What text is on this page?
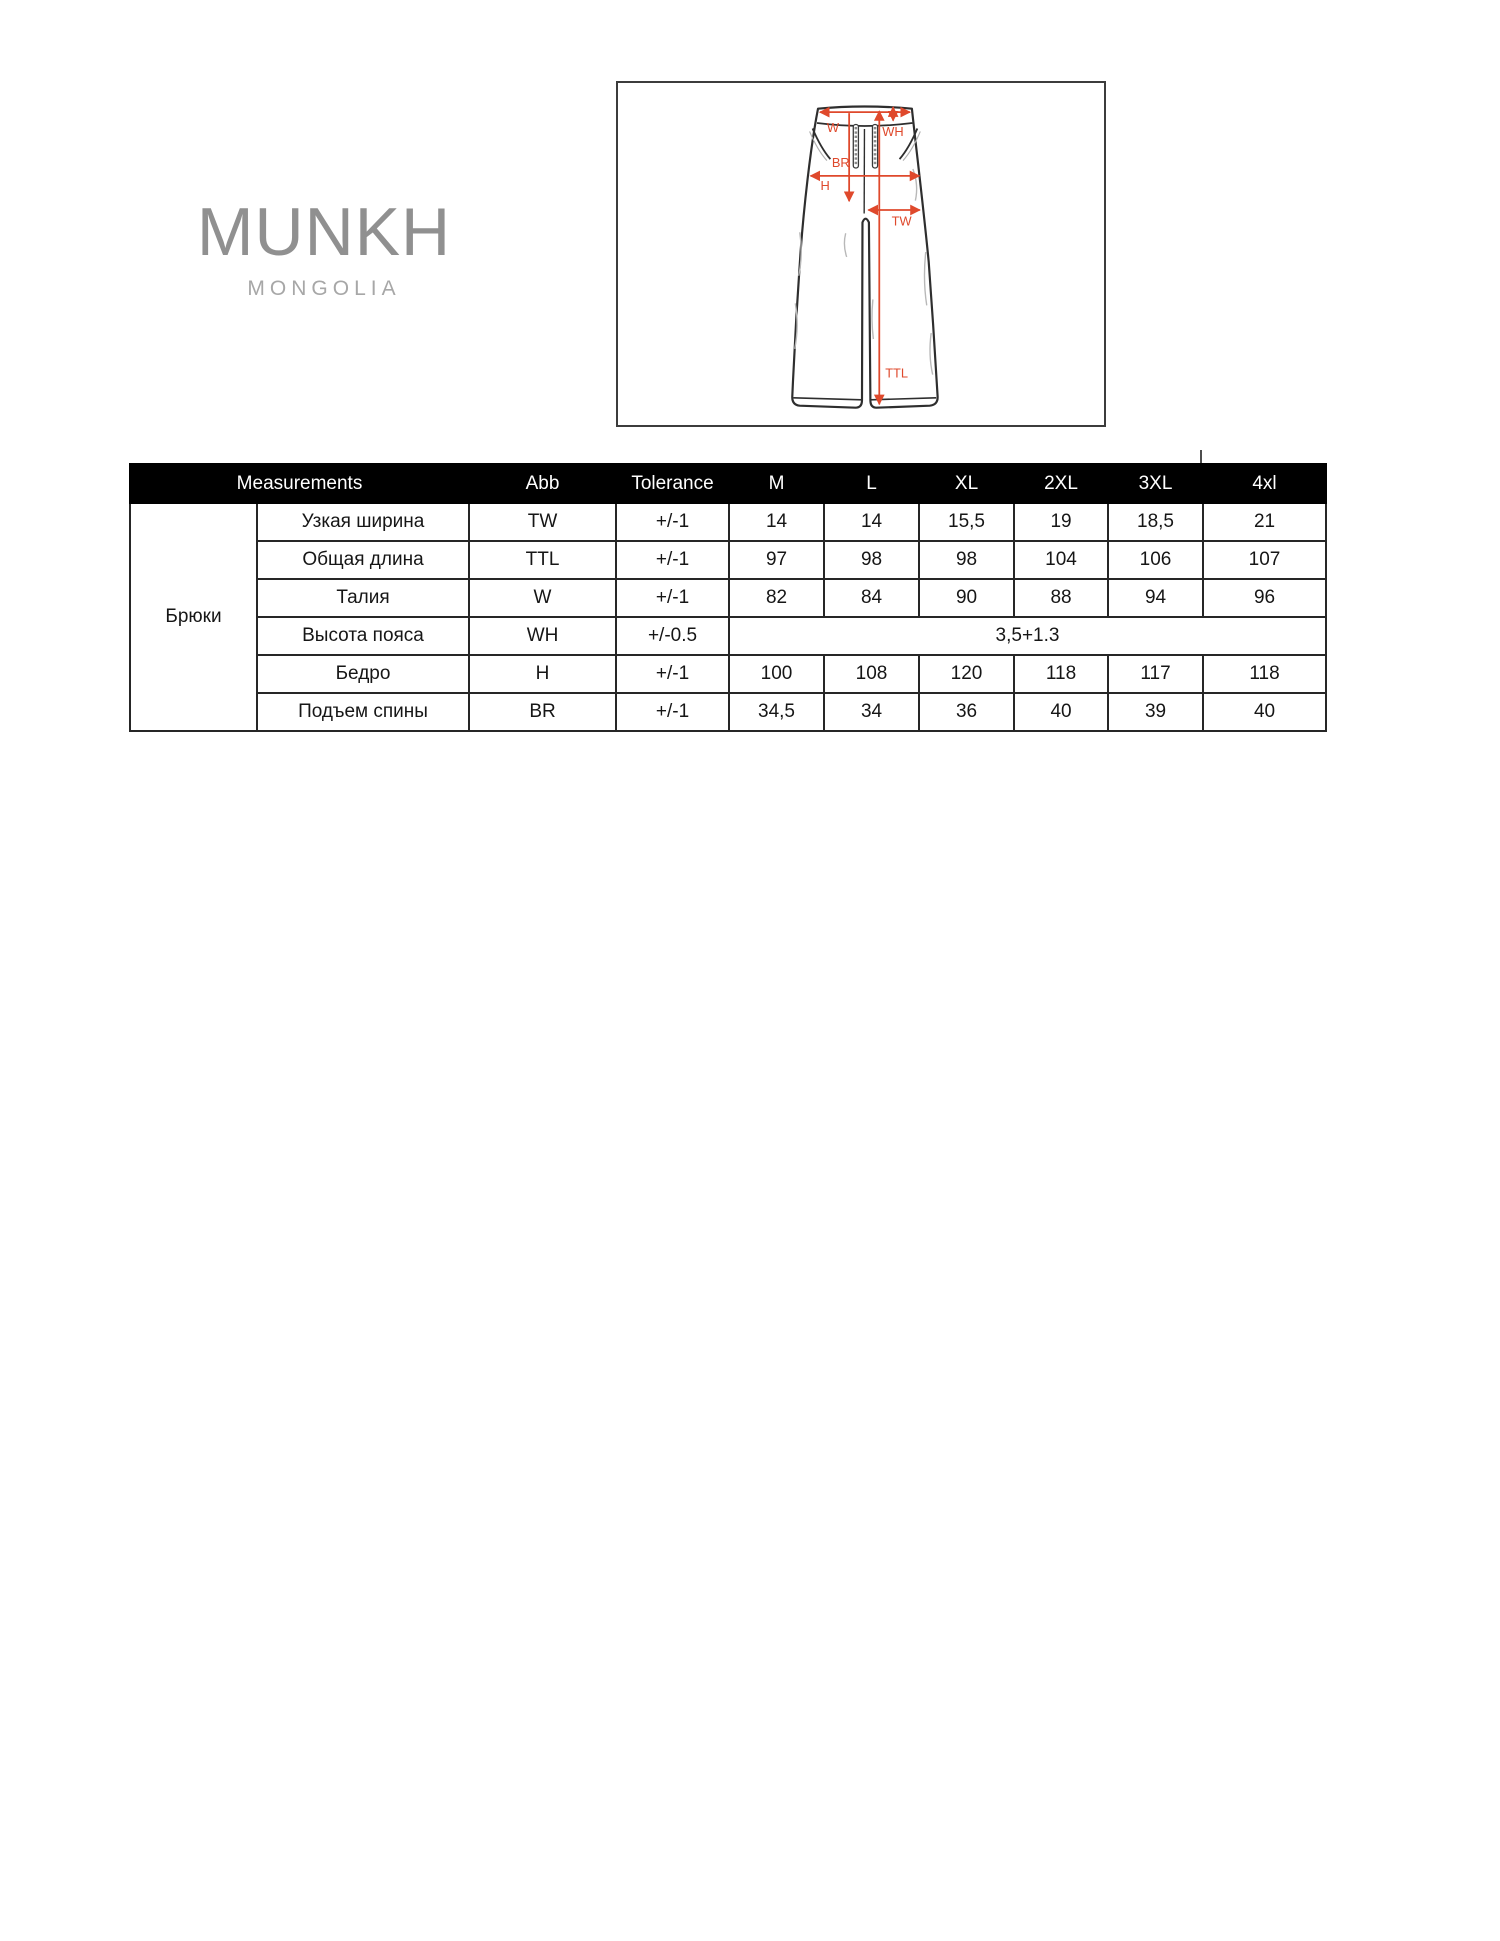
MUNKH
MONGOLIA
W	WH
BR
H
TW
TTL
Measurements		Abb	Tolerance	M	L	XL	2XL	3XL	4xl
Брюки	Узкая ширина	TW	+/-1	14	14	15,5	19	18,5	21
	Общая длина	TTL	+/-1	97	98	98	104	106	107
	Талия	W	+/-1	82	84	90	88	94	96
	Высота пояса	WH	+/-0.5	3,5+1.3					
	Бедро	H	+/-1	100	108	120	118	117	118
	Подъем спины	BR	+/-1	34,5	34	36	40	39	40
